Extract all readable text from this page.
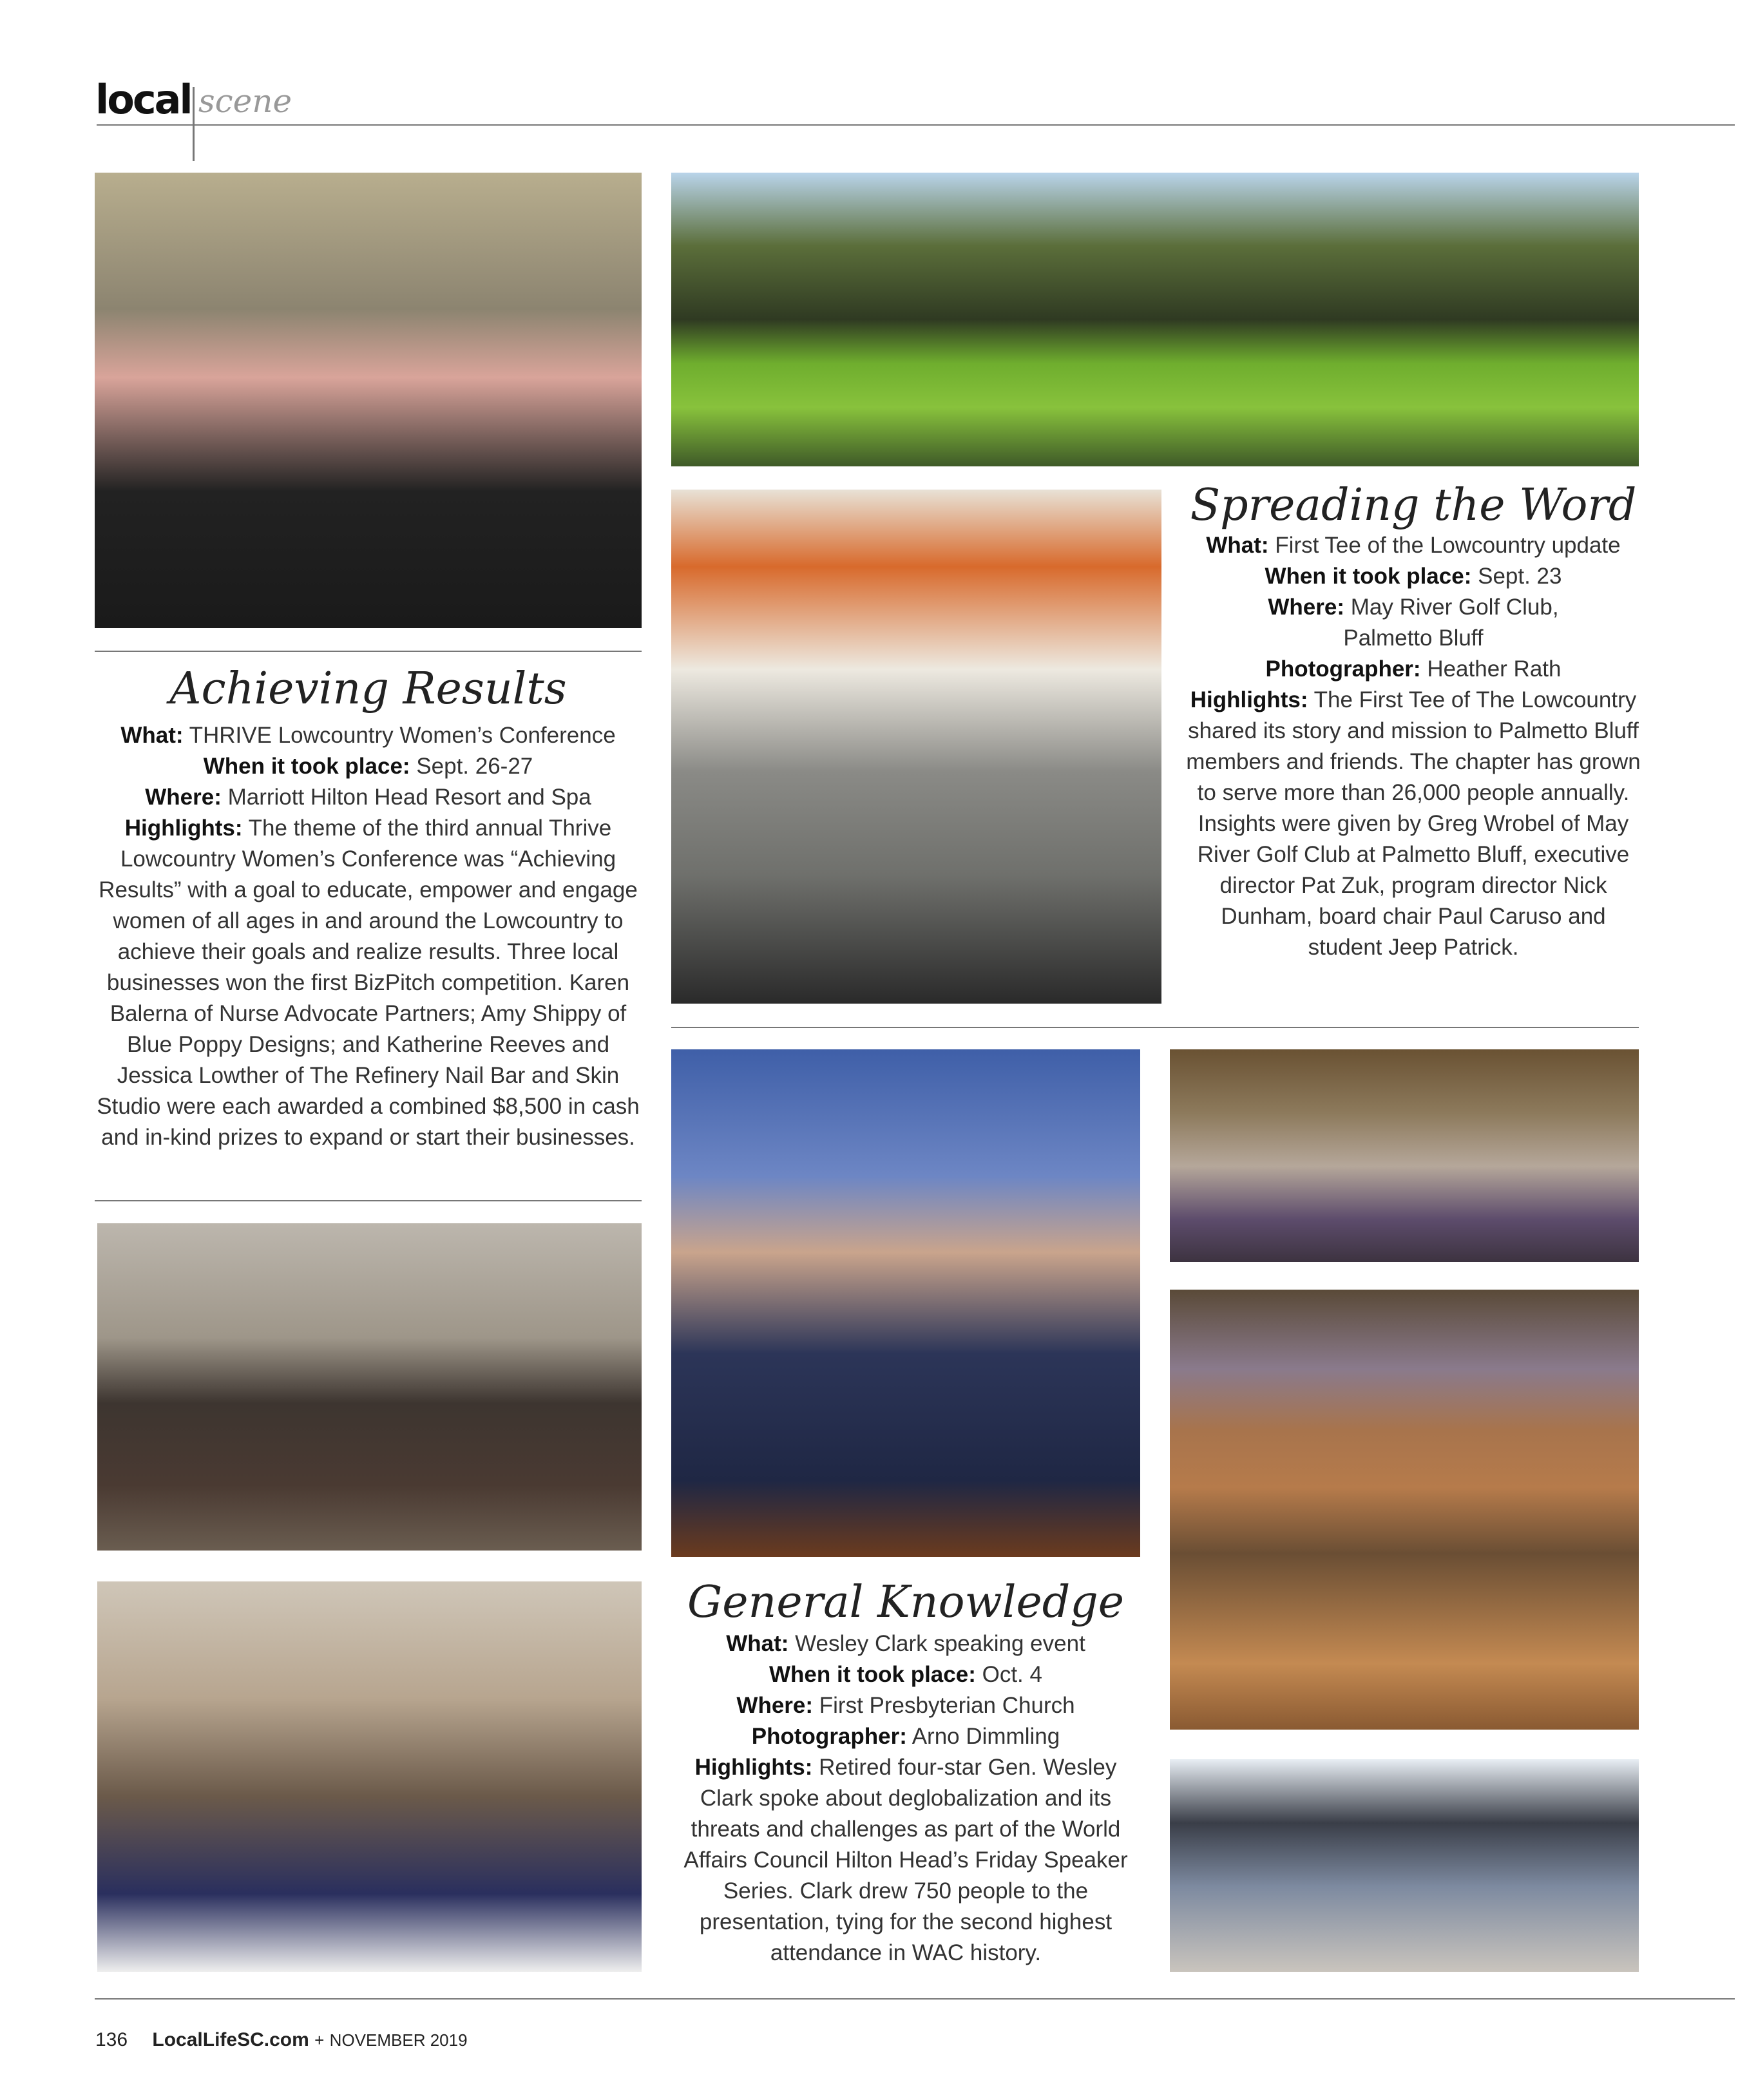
local scene
Achieving Results
What: THRIVE Lowcountry Women’s Conference
When it took place: Sept. 26-27
Where: Marriott Hilton Head Resort and Spa
Highlights: The theme of the third annual Thrive Lowcountry Women’s Conference was “Achieving Results” with a goal to educate, empower and engage women of all ages in and around the Lowcountry to achieve their goals and realize results. Three local businesses won the first BizPitch competition. Karen Balerna of Nurse Advocate Partners; Amy Shippy of Blue Poppy Designs; and Katherine Reeves and Jessica Lowther of The Refinery Nail Bar and Skin Studio were each awarded a combined $8,500 in cash and in-kind prizes to expand or start their businesses.
Spreading the Word
What: First Tee of the Lowcountry update
When it took place: Sept. 23
Where: May River Golf Club, Palmetto Bluff
Photographer: Heather Rath
Highlights: The First Tee of The Lowcountry shared its story and mission to Palmetto Bluff members and friends. The chapter has grown to serve more than 26,000 people annually. Insights were given by Greg Wrobel of May River Golf Club at Palmetto Bluff, executive director Pat Zuk, program director Nick Dunham, board chair Paul Caruso and student Jeep Patrick.
General Knowledge
What: Wesley Clark speaking event
When it took place: Oct. 4
Where: First Presbyterian Church
Photographer: Arno Dimmling
Highlights: Retired four-star Gen. Wesley Clark spoke about deglobalization and its threats and challenges as part of the World Affairs Council Hilton Head’s Friday Speaker Series. Clark drew 750 people to the presentation, tying for the second highest attendance in WAC history.
136 LocalLifeSC.com + NOVEMBER 2019
